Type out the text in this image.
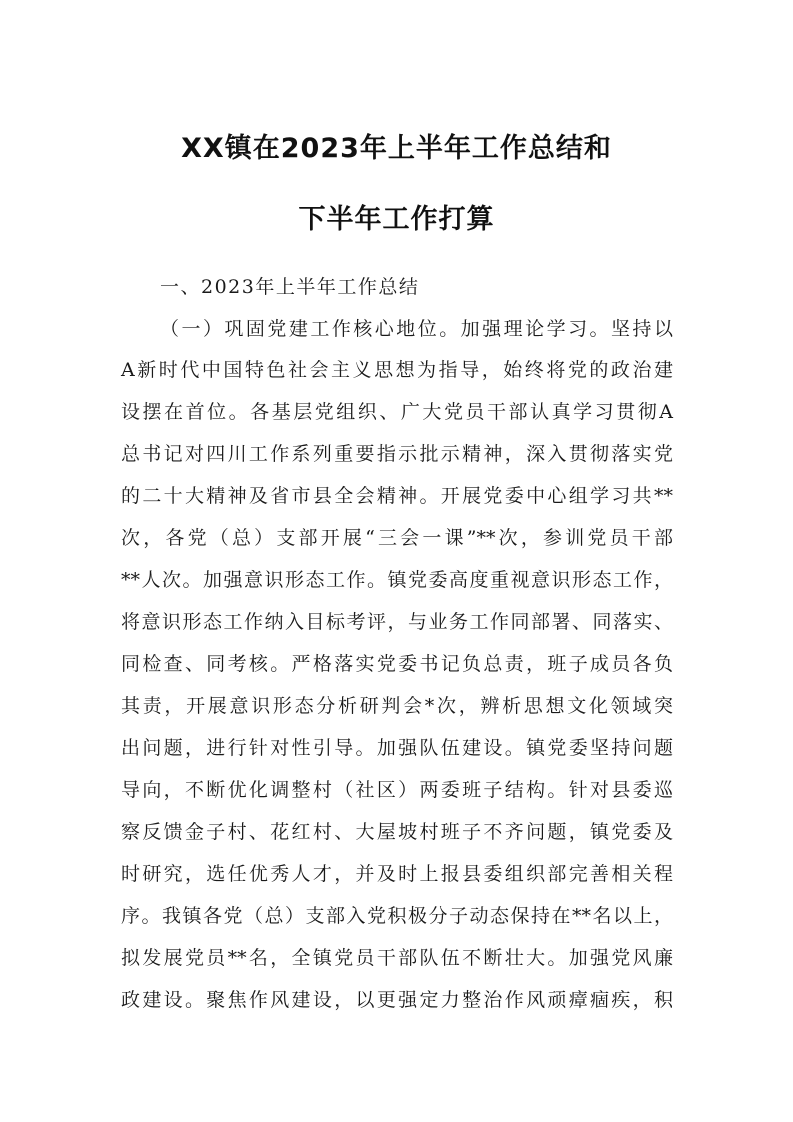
XX镇在2023年上半年工作总结和
下半年工作打算
一、2023年上半年工作总结
（一）巩固党建工作核心地位。加强理论学习。坚持以
A新时代中国特色社会主义思想为指导，始终将党的政治建
设摆在首位。各基层党组织、广大党员干部认真学习贯彻A
总书记对四川工作系列重要指示批示精神，深入贯彻落实党
的二十大精神及省市县全会精神。开展党委中心组学习共**
次，各党（总）支部开展“三会一课”**次，参训党员干部
**人次。加强意识形态工作。镇党委高度重视意识形态工作，
将意识形态工作纳入目标考评，与业务工作同部署、同落实、
同检查、同考核。严格落实党委书记负总责，班子成员各负
其责，开展意识形态分析研判会*次，辨析思想文化领域突
出问题，进行针对性引导。加强队伍建设。镇党委坚持问题
导向，不断优化调整村（社区）两委班子结构。针对县委巡
察反馈金子村、花红村、大屋坡村班子不齐问题，镇党委及
时研究，选任优秀人才，并及时上报县委组织部完善相关程
序。我镇各党（总）支部入党积极分子动态保持在**名以上，
拟发展党员**名，全镇党员干部队伍不断壮大。加强党风廉
政建设。聚焦作风建设，以更强定力整治作风顽瘴痼疾，积
